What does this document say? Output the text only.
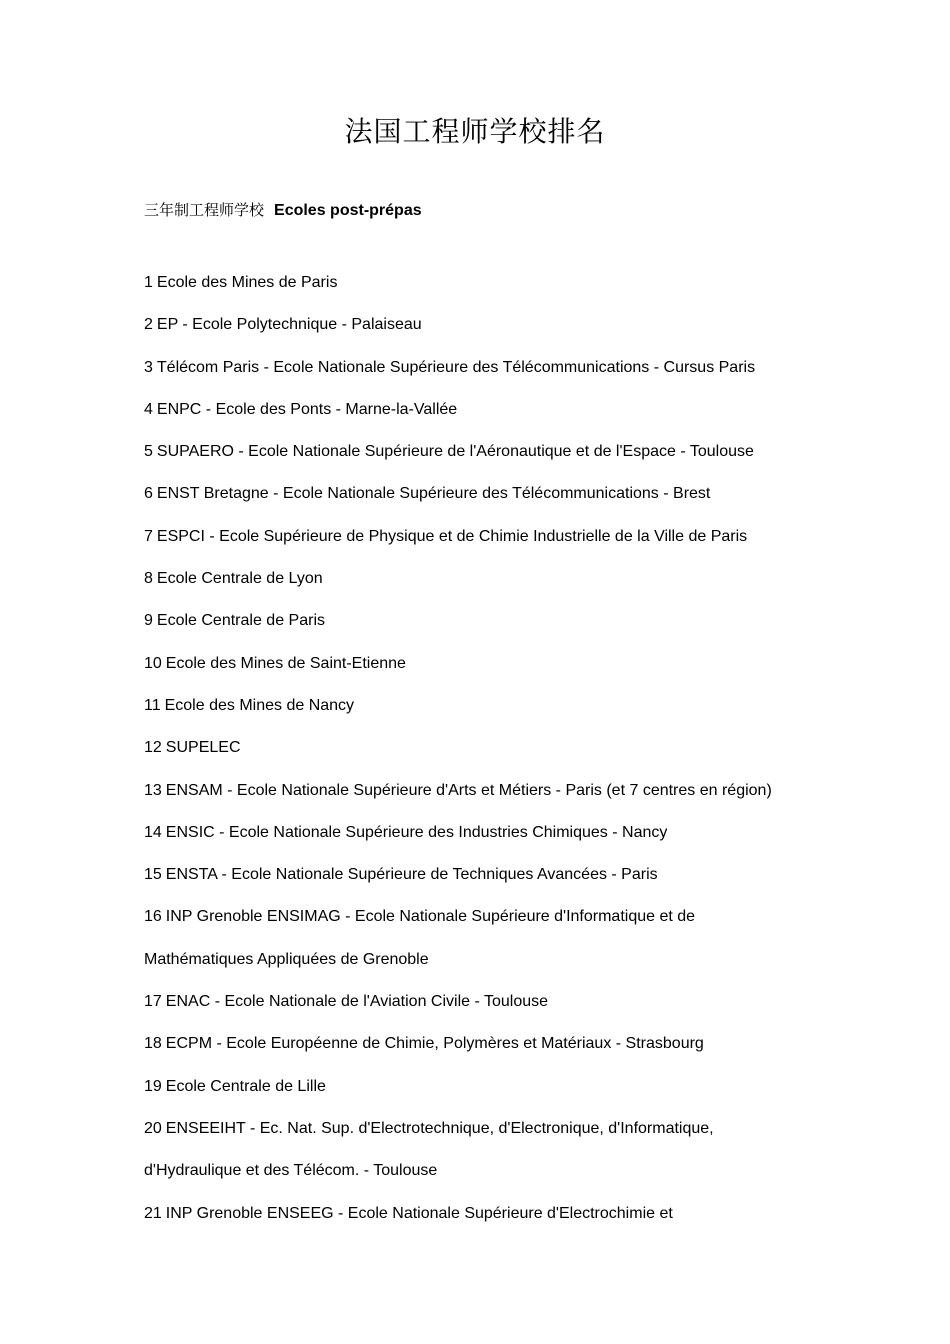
法国工程师学校排名

三年制工程师学校 Ecoles post-prépas

1 Ecole des Mines de Paris
2 EP - Ecole Polytechnique - Palaiseau
3 Télécom Paris - Ecole Nationale Supérieure des Télécommunications - Cursus Paris
4 ENPC - Ecole des Ponts - Marne-la-Vallée
5 SUPAERO - Ecole Nationale Supérieure de l'Aéronautique et de l'Espace - Toulouse
6 ENST Bretagne - Ecole Nationale Supérieure des Télécommunications - Brest
7 ESPCI - Ecole Supérieure de Physique et de Chimie Industrielle de la Ville de Paris
8 Ecole Centrale de Lyon
9 Ecole Centrale de Paris
10 Ecole des Mines de Saint-Etienne
11 Ecole des Mines de Nancy
12 SUPELEC
13 ENSAM - Ecole Nationale Supérieure d'Arts et Métiers - Paris (et 7 centres en région)
14 ENSIC - Ecole Nationale Supérieure des Industries Chimiques - Nancy
15 ENSTA - Ecole Nationale Supérieure de Techniques Avancées - Paris
16 INP Grenoble ENSIMAG - Ecole Nationale Supérieure d'Informatique et de
Mathématiques Appliquées de Grenoble
17 ENAC - Ecole Nationale de l'Aviation Civile - Toulouse
18 ECPM - Ecole Européenne de Chimie, Polymères et Matériaux - Strasbourg
19 Ecole Centrale de Lille
20 ENSEEIHT - Ec. Nat. Sup. d'Electrotechnique, d'Electronique, d'Informatique,
d'Hydraulique et des Télécom. - Toulouse
21 INP Grenoble ENSEEG - Ecole Nationale Supérieure d'Electrochimie et
